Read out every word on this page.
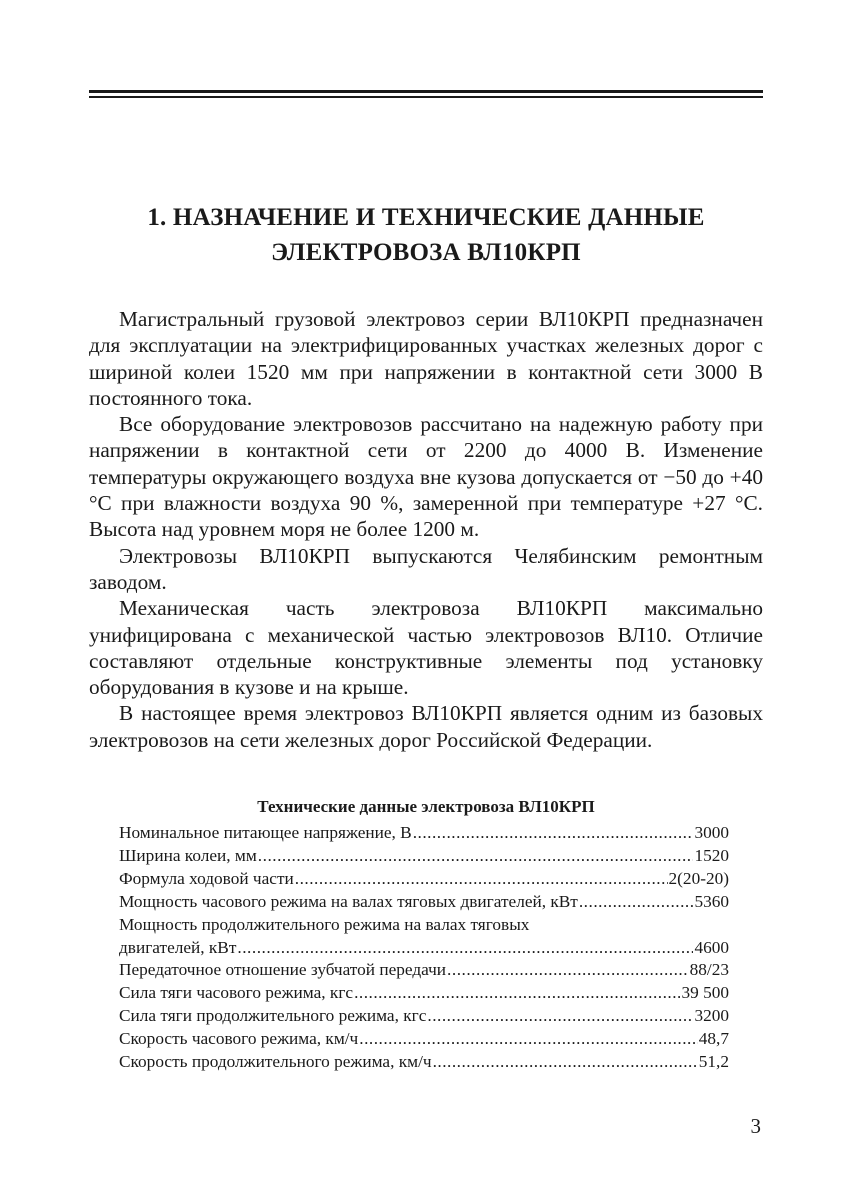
1. НАЗНАЧЕНИЕ И ТЕХНИЧЕСКИЕ ДАННЫЕ
ЭЛЕКТРОВОЗА ВЛ10КРП

Магистральный грузовой электровоз серии ВЛ10КРП предназначен для эксплуатации на электрифицированных участках железных дорог с шириной колеи 1520 мм при напряжении в контактной сети 3000 В постоянного тока.

Все оборудование электровозов рассчитано на надежную работу при напряжении в контактной сети от 2200 до 4000 В. Изменение температуры окружающего воздуха вне кузова допускается от −50 до +40 °С при влажности воздуха 90 %, замеренной при температуре +27 °С. Высота над уровнем моря не более 1200 м.

Электровозы ВЛ10КРП выпускаются Челябинским ремонтным заводом.

Механическая часть электровоза ВЛ10КРП максимально унифицирована с механической частью электровозов ВЛ10. Отличие составляют отдельные конструктивные элементы под установку оборудования в кузове и на крыше.

В настоящее время электровоз ВЛ10КРП является одним из базовых электровозов на сети железных дорог Российской Федерации.

Технические данные электровоза ВЛ10КРП
Номинальное питающее напряжение, В .....	3000
Ширина колеи, мм .....	1520
Формула ходовой части .....	2(20-20)
Мощность часового режима на валах тяговых двигателей, кВт .....	5360
Мощность продолжительного режима на валах тяговых
двигателей, кВт .....	4600
Передаточное отношение зубчатой передачи .....	88/23
Сила тяги часового режима, кгс .....	39 500
Сила тяги продолжительного режима, кгс .....	3200
Скорость часового режима, км/ч .....	48,7
Скорость продолжительного режима, км/ч .....	51,2
3
